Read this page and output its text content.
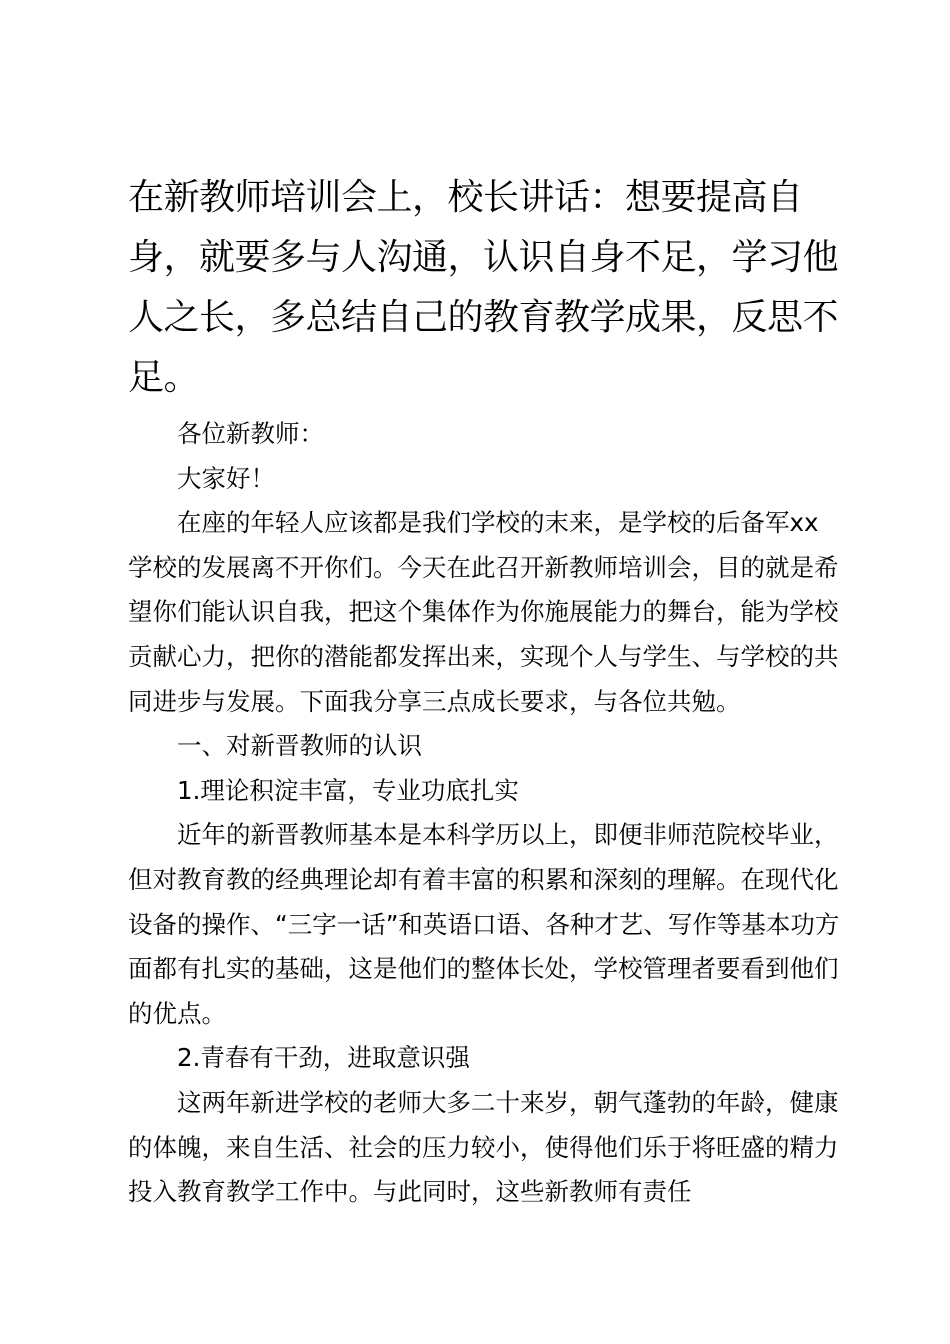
在新教师培训会上，校长讲话：想要提高自身，就要多与人沟通，认识自身不足，学习他人之长，多总结自己的教育教学成果，反思不足。

各位新教师：

大家好！

在座的年轻人应该都是我们学校的末来，是学校的后备军xx学校的发展离不开你们。今天在此召开新教师培训会，目的就是希望你们能认识自我，把这个集体作为你施展能力的舞台，能为学校贡献心力，把你的潜能都发挥出来，实现个人与学生、与学校的共同进步与发展。下面我分享三点成长要求，与各位共勉。

一、对新晋教师的认识

1.理论积淀丰富，专业功底扎实

近年的新晋教师基本是本科学历以上，即便非师范院校毕业，但对教育教的经典理论却有着丰富的积累和深刻的理解。在现代化设备的操作、“三字一话”和英语口语、各种才艺、写作等基本功方面都有扎实的基础，这是他们的整体长处，学校管理者要看到他们的优点。

2.青春有干劲，进取意识强

这两年新进学校的老师大多二十来岁，朝气蓬勃的年龄，健康的体魄，来自生活、社会的压力较小，使得他们乐于将旺盛的精力投入教育教学工作中。与此同时，这些新教师有责任
